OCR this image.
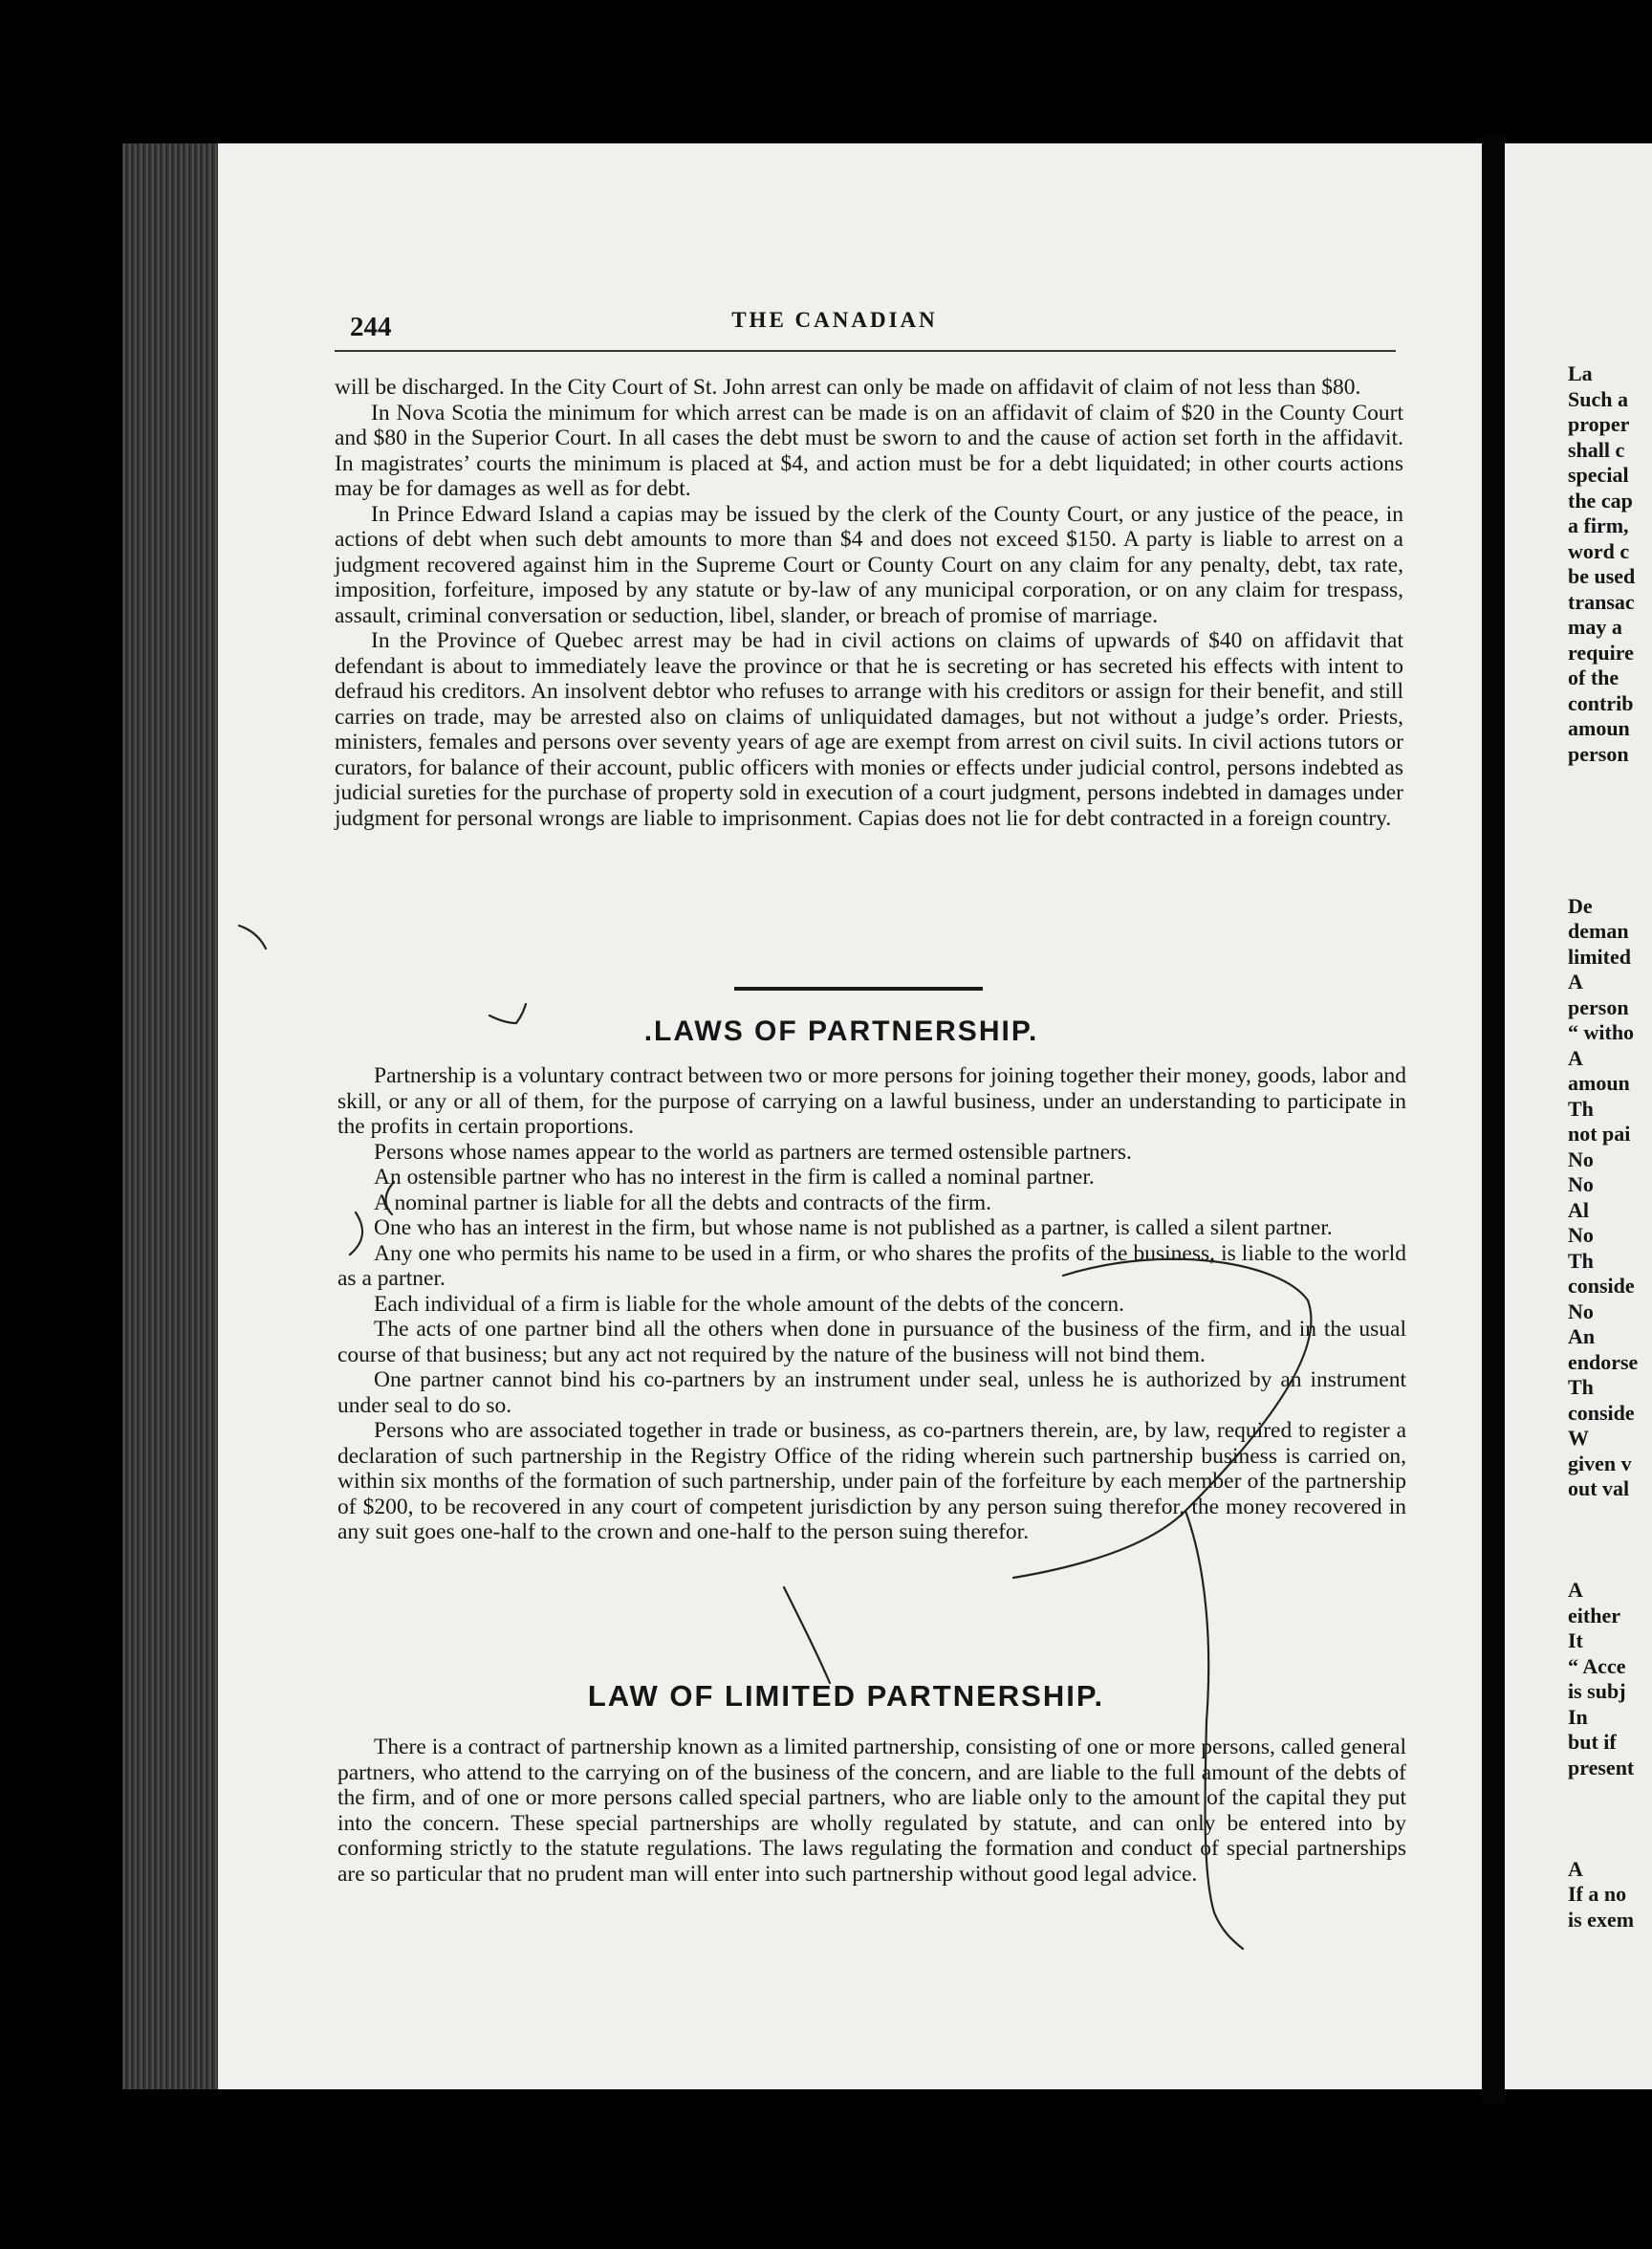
244	THE CANADIAN

will be discharged. In the City Court of St. John arrest can only be made on affidavit of claim of not less than $80.

In Nova Scotia the minimum for which arrest can be made is on an affidavit of claim of $20 in the County Court and $80 in the Superior Court. In all cases the debt must be sworn to and the cause of action set forth in the affidavit. In magistrates’ courts the minimum is placed at $4, and action must be for a debt liquidated; in other courts actions may be for damages as well as for debt.

In Prince Edward Island a capias may be issued by the clerk of the County Court, or any justice of the peace, in actions of debt when such debt amounts to more than $4 and does not exceed $150. A party is liable to arrest on a judgment recovered against him in the Supreme Court or County Court on any claim for any penalty, debt, tax rate, imposition, forfeiture, imposed by any statute or by-law of any municipal corporation, or on any claim for trespass, assault, criminal conversation or seduction, libel, slander, or breach of promise of marriage.

In the Province of Quebec arrest may be had in civil actions on claims of upwards of $40 on affidavit that defendant is about to immediately leave the province or that he is secreting or has secreted his effects with intent to defraud his creditors. An insolvent debtor who refuses to arrange with his creditors or assign for their benefit, and still carries on trade, may be arrested also on claims of unliquidated damages, but not without a judge’s order. Priests, ministers, females and persons over seventy years of age are exempt from arrest on civil suits. In civil actions tutors or curators, for balance of their account, public officers with monies or effects under judicial control, persons indebted as judicial sureties for the purchase of property sold in execution of a court judgment, persons indebted in damages under judgment for personal wrongs are liable to imprisonment. Capias does not lie for debt contracted in a foreign country.

.LAWS OF PARTNERSHIP.

Partnership is a voluntary contract between two or more persons for joining together their money, goods, labor and skill, or any or all of them, for the purpose of carrying on a lawful business, under an understanding to participate in the profits in certain proportions.

Persons whose names appear to the world as partners are termed ostensible partners.

An ostensible partner who has no interest in the firm is called a nominal partner.

A nominal partner is liable for all the debts and contracts of the firm.

One who has an interest in the firm, but whose name is not published as a partner, is called a silent partner.

Any one who permits his name to be used in a firm, or who shares the profits of the business, is liable to the world as a partner.

Each individual of a firm is liable for the whole amount of the debts of the concern.

The acts of one partner bind all the others when done in pursuance of the business of the firm, and in the usual course of that business; but any act not required by the nature of the business will not bind them.

One partner cannot bind his co-partners by an instrument under seal, unless he is authorized by an instrument under seal to do so.

Persons who are associated together in trade or business, as co-partners therein, are, by law, required to register a declaration of such partnership in the Registry Office of the riding wherein such partnership business is carried on, within six months of the formation of such partnership, under pain of the forfeiture by each member of the partnership of $200, to be recovered in any court of competent jurisdiction by any person suing therefor, the money recovered in any suit goes one-half to the crown and one-half to the person suing therefor.

LAW OF LIMITED PARTNERSHIP.

There is a contract of partnership known as a limited partnership, consisting of one or more persons, called general partners, who attend to the carrying on of the business of the concern, and are liable to the full amount of the debts of the firm, and of one or more persons called special partners, who are liable only to the amount of the capital they put into the concern. These special partnerships are wholly regulated by statute, and can only be entered into by conforming strictly to the statute regulations. The laws regulating the formation and conduct of special partnerships are so particular that no prudent man will enter into such partnership without good legal advice.

La
Such a
proper
shall c
special
the cap
a firm,
word c
be used
transac
may a
require
of the
contrib
amoun
person
De
deman
limited
A
person
“ witho
A
amoun
Th
not pai
No
No
Al
No
Th
conside
No
An
endorse
Th
conside
W
given v
out val
A
either
It
“ Acce
is subj
In
but if
present
A
If a no
is exem
